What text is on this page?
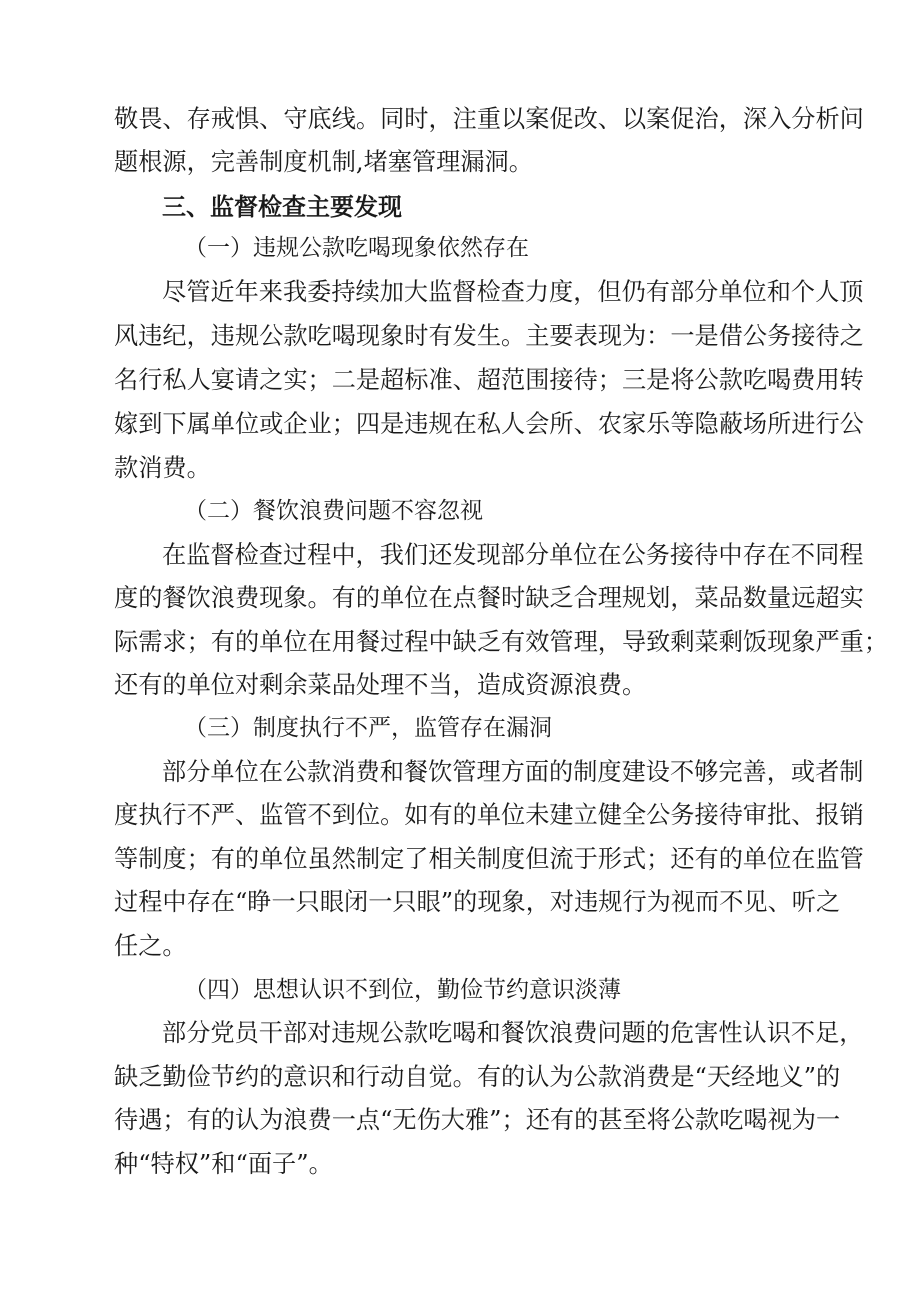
敬畏、存戒惧、守底线。同时，注重以案促改、以案促治，深入分析问
题根源，完善制度机制,堵塞管理漏洞。
三、监督检查主要发现
（一）违规公款吃喝现象依然存在
尽管近年来我委持续加大监督检查力度，但仍有部分单位和个人顶
风违纪，违规公款吃喝现象时有发生。主要表现为：一是借公务接待之
名行私人宴请之实；二是超标准、超范围接待；三是将公款吃喝费用转
嫁到下属单位或企业；四是违规在私人会所、农家乐等隐蔽场所进行公
款消费。
（二）餐饮浪费问题不容忽视
在监督检查过程中，我们还发现部分单位在公务接待中存在不同程
度的餐饮浪费现象。有的单位在点餐时缺乏合理规划，菜品数量远超实
际需求；有的单位在用餐过程中缺乏有效管理，导致剩菜剩饭现象严重；
还有的单位对剩余菜品处理不当，造成资源浪费。
（三）制度执行不严，监管存在漏洞
部分单位在公款消费和餐饮管理方面的制度建设不够完善，或者制
度执行不严、监管不到位。如有的单位未建立健全公务接待审批、报销
等制度；有的单位虽然制定了相关制度但流于形式；还有的单位在监管
过程中存在“睁一只眼闭一只眼”的现象，对违规行为视而不见、听之
任之。
（四）思想认识不到位，勤俭节约意识淡薄
部分党员干部对违规公款吃喝和餐饮浪费问题的危害性认识不足，
缺乏勤俭节约的意识和行动自觉。有的认为公款消费是“天经地义”的
待遇；有的认为浪费一点“无伤大雅”；还有的甚至将公款吃喝视为一
种“特权”和“面子”。
